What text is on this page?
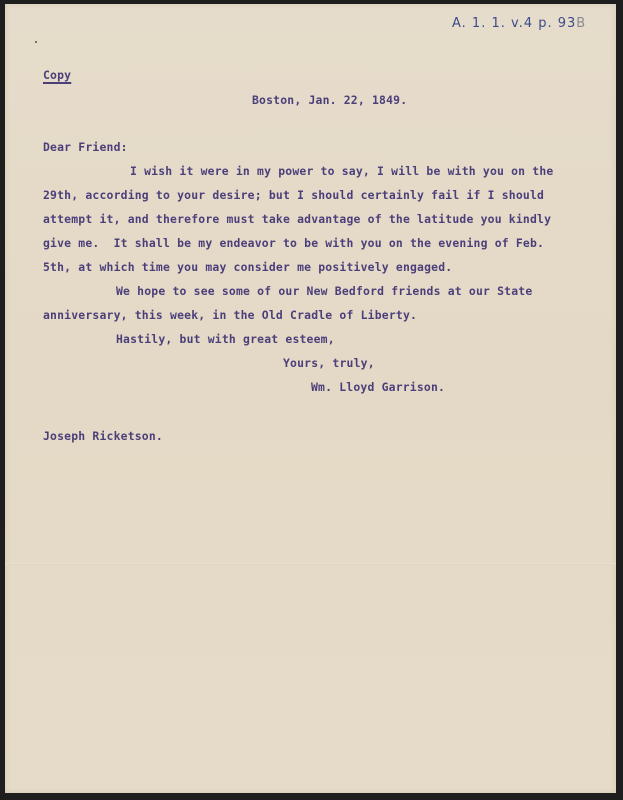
A. 1. 1. v.4 p. 93B
Copy
Boston, Jan. 22, 1849.
Dear Friend:
I wish it were in my power to say, I will be with you on the
29th, according to your desire; but I should certainly fail if I should
attempt it, and therefore must take advantage of the latitude you kindly
give me.  It shall be my endeavor to be with you on the evening of Feb.
5th, at which time you may consider me positively engaged.
We hope to see some of our New Bedford friends at our State
anniversary, this week, in the Old Cradle of Liberty.
Hastily, but with great esteem,
Yours, truly,
Wm. Lloyd Garrison.
Joseph Ricketson.
